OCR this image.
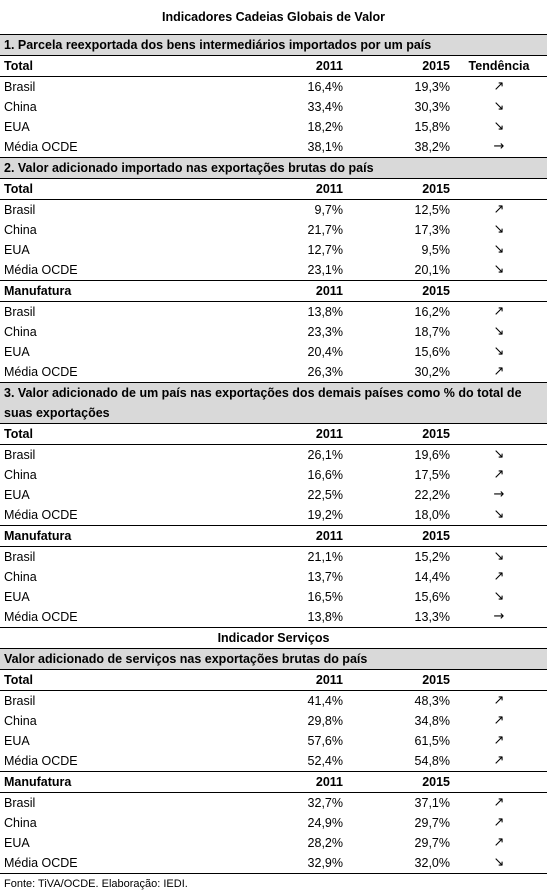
Indicadores Cadeias Globais de Valor
1. Parcela reexportada dos bens intermediários importados por um país
Total	2011	2015	Tendência
Brasil	16,4%	19,3%	↗
China	33,4%	30,3%	↘
EUA	18,2%	15,8%	↘
Média OCDE	38,1%	38,2%	→
2. Valor adicionado importado nas exportações brutas do país
Total	2011	2015
Brasil	9,7%	12,5%	↗
China	21,7%	17,3%	↘
EUA	12,7%	9,5%	↘
Média OCDE	23,1%	20,1%	↘
Manufatura	2011	2015
Brasil	13,8%	16,2%	↗
China	23,3%	18,7%	↘
EUA	20,4%	15,6%	↘
Média OCDE	26,3%	30,2%	↗
3. Valor adicionado de um país nas exportações dos demais países como % do total de
suas exportações
Total	2011	2015
Brasil	26,1%	19,6%	↘
China	16,6%	17,5%	↗
EUA	22,5%	22,2%	→
Média OCDE	19,2%	18,0%	↘
Manufatura	2011	2015
Brasil	21,1%	15,2%	↘
China	13,7%	14,4%	↗
EUA	16,5%	15,6%	↘
Média OCDE	13,8%	13,3%	→
Indicador Serviços
Valor adicionado de serviços nas exportações brutas do país
Total	2011	2015
Brasil	41,4%	48,3%	↗
China	29,8%	34,8%	↗
EUA	57,6%	61,5%	↗
Média OCDE	52,4%	54,8%	↗
Manufatura	2011	2015
Brasil	32,7%	37,1%	↗
China	24,9%	29,7%	↗
EUA	28,2%	29,7%	↗
Média OCDE	32,9%	32,0%	↘
Fonte: TiVA/OCDE. Elaboração: IEDI.
